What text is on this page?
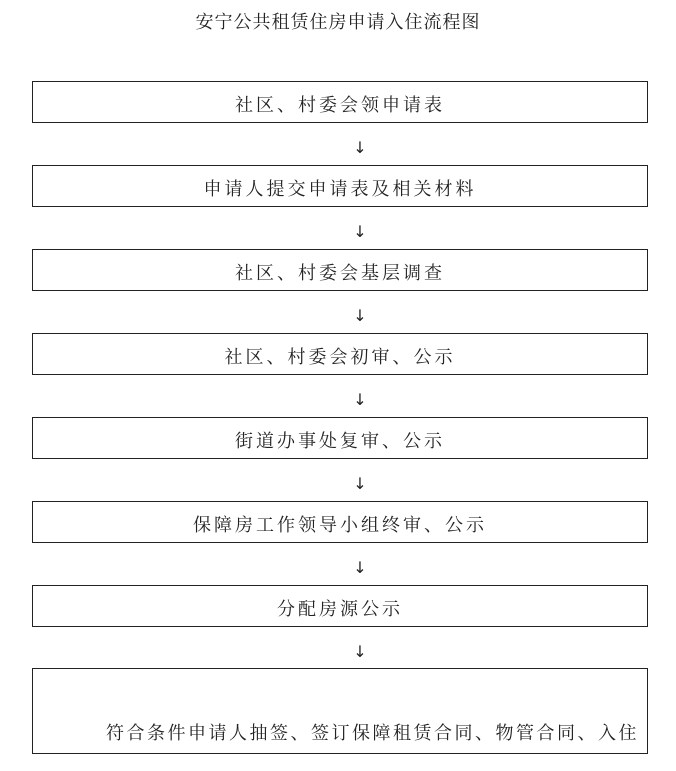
安宁公共租赁住房申请入住流程图
社区、村委会领申请表
↓
申请人提交申请表及相关材料
↓
社区、村委会基层调查
↓
社区、村委会初审、公示
↓
街道办事处复审、公示
↓
保障房工作领导小组终审、公示
↓
分配房源公示
↓
符合条件申请人抽签、签订保障租赁合同、物管合同、入住
